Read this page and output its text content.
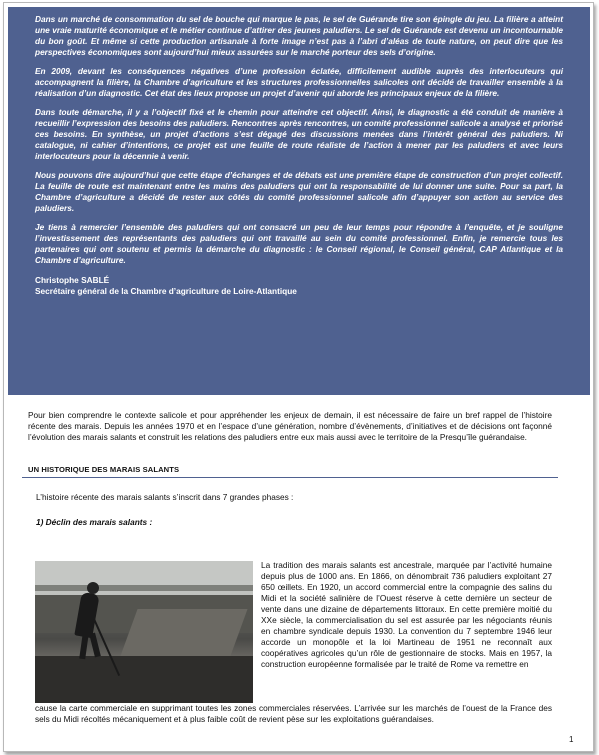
Dans un marché de consommation du sel de bouche qui marque le pas, le sel de Guérande tire son épingle du jeu. La filière a atteint une vraie maturité économique et le métier continue d’attirer des jeunes paludiers. Le sel de Guérande est devenu un incontournable du bon goût. Et même si cette production artisanale à forte image n’est pas à l’abri d’aléas de toute nature, on peut dire que les perspectives économiques sont aujourd’hui mieux assurées sur le marché porteur des sels d’origine.

En 2009, devant les conséquences négatives d’une profession éclatée, difficilement audible auprès des interlocuteurs qui accompagnent la filière, la Chambre d’agriculture et les structures professionnelles salicoles ont décidé de travailler ensemble à la réalisation d’un diagnostic. Cet état des lieux propose un projet d’avenir qui aborde les principaux enjeux de la filière.

Dans toute démarche, il y a l’objectif fixé et le chemin pour atteindre cet objectif. Ainsi, le diagnostic a été conduit de manière à recueillir l’expression des besoins des paludiers. Rencontres après rencontres, un comité professionnel salicole a analysé et priorisé ces besoins. En synthèse, un projet d’actions s’est dégagé des discussions menées dans l’intérêt général des paludiers. Ni catalogue, ni cahier d’intentions, ce projet est une feuille de route réaliste de l’action à mener par les paludiers et avec leurs interlocuteurs pour la décennie à venir.

Nous pouvons dire aujourd’hui que cette étape d’échanges et de débats est une première étape de construction d’un projet collectif. La feuille de route est maintenant entre les mains des paludiers qui ont la responsabilité de lui donner une suite. Pour sa part, la Chambre d’agriculture a décidé de rester aux côtés du comité professionnel salicole afin d’appuyer son action au service des paludiers.

Je tiens à remercier l’ensemble des paludiers qui ont consacré un peu de leur temps pour répondre à l’enquête, et je souligne l’investissement des représentants des paludiers qui ont travaillé au sein du comité professionnel. Enfin, je remercie tous les partenaires qui ont soutenu et permis la démarche du diagnostic : le Conseil régional, le Conseil général, CAP Atlantique et la Chambre d’agriculture.

Christophe SABLÉ
Secrétaire général de la Chambre d’agriculture de Loire-Atlantique

Pour bien comprendre le contexte salicole et pour appréhender les enjeux de demain, il est nécessaire de faire un bref rappel de l’histoire récente des marais. Depuis les années 1970 et en l’espace d’une génération, nombre d’évènements, d’initiatives et de décisions ont façonné l’évolution des marais salants et construit les relations des paludiers entre eux mais aussi avec le territoire de la Presqu’île guérandaise.

UN HISTORIQUE DES MARAIS SALANTS
L’histoire récente des marais salants s’inscrit dans 7 grandes phases :
1) Déclin des marais salants :
La tradition des marais salants est ancestrale, marquée par l’activité humaine depuis plus de 1000 ans. En 1866, on dénombrait 736 paludiers exploitant 27 650 œillets. En 1920, un accord commercial entre la compagnie des salins du Midi et la société salinière de l’Ouest réserve à cette dernière un secteur de vente dans une dizaine de départements littoraux. En cette première moitié du XXe siècle, la commercialisation du sel est assurée par les négociants réunis en chambre syndicale depuis 1930. La convention du 7 septembre 1946 leur accorde un monopôle et la loi Martineau de 1951 ne reconnaît aux coopératives agricoles qu’un rôle de gestionnaire de stocks. Mais en 1957, la construction européenne formalisée par le traité de Rome va remettre en
cause la carte commerciale en supprimant toutes les zones commerciales réservées. L’arrivée sur les marchés de l’ouest de la France des sels du Midi récoltés mécaniquement et à plus faible coût de revient pèse sur les exploitations guérandaises.
1
